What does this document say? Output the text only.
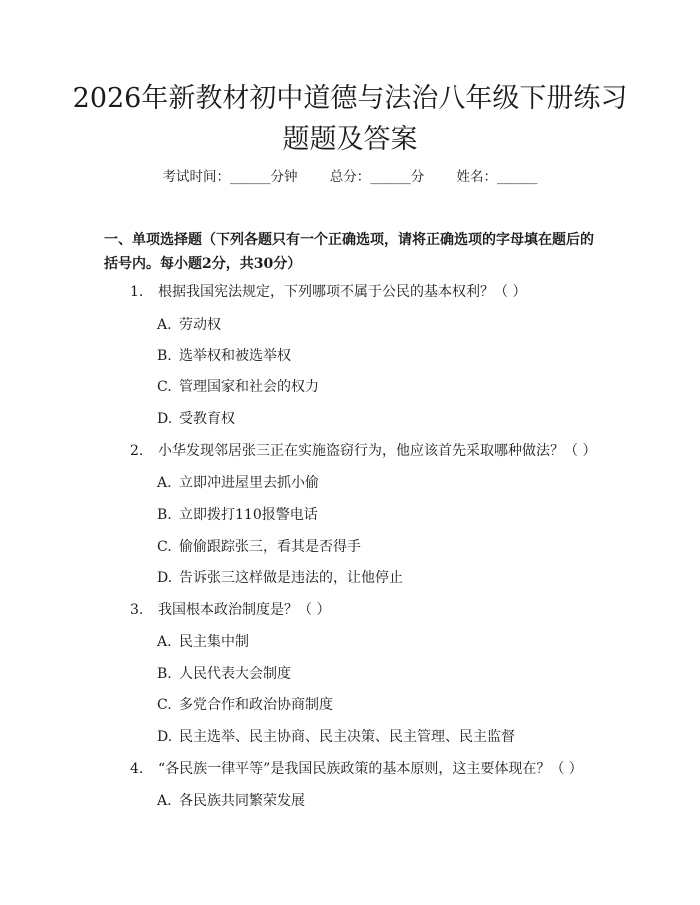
2026年新教材初中道德与法治八年级下册练习题题及答案
考试时间：______分钟 总分：______分 姓名：______
一、单项选择题（下列各题只有一个正确选项，请将正确选项的字母填在题后的括号内。每小题2分，共30分）
1. 根据我国宪法规定，下列哪项不属于公民的基本权利？（ ）
A. 劳动权
B. 选举权和被选举权
C. 管理国家和社会的权力
D. 受教育权
2. 小华发现邻居张三正在实施盗窃行为，他应该首先采取哪种做法？（ ）
A. 立即冲进屋里去抓小偷
B. 立即拨打110报警电话
C. 偷偷跟踪张三，看其是否得手
D. 告诉张三这样做是违法的，让他停止
3. 我国根本政治制度是？（ ）
A. 民主集中制
B. 人民代表大会制度
C. 多党合作和政治协商制度
D. 民主选举、民主协商、民主决策、民主管理、民主监督
4. “各民族一律平等”是我国民族政策的基本原则，这主要体现在？（ ）
A. 各民族共同繁荣发展
